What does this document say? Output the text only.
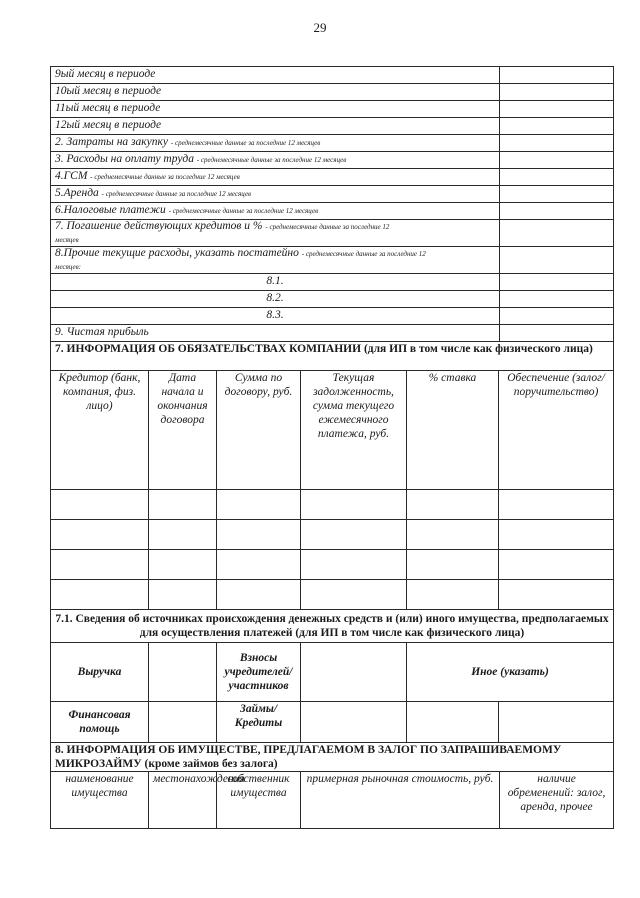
29
9ый месяц в периоде					
10ый месяц в периоде					
11ый месяц в периоде					
12ый месяц в периоде					
2. Затраты на закупку - среднемесячные данные за последние 12 месяцев					
3. Расходы на оплату труда - среднемесячные данные за последние 12 месяцев					
4.ГСМ - среднемесячные данные за последние 12 месяцев					
5.Аренда - среднемесячные данные за последние 12 месяцев					
6.Налоговые платежи - среднемесячные данные за последние 12 месяцев					
7. Погашение действующих кредитов и % - среднемесячные данные за последние 12
месяцев					
8.Прочие текущие расходы, указать постатейно - среднемесячные данные за последние 12
месяцев:					
8.1.					
8.2.					
8.3.					
9. Чистая прибыль					
7. ИНФОРМАЦИЯ ОБ ОБЯЗАТЕЛЬСТВАХ КОМПАНИИ (для ИП в том числе как физического лица)					
Кредитор (банк, компания, физ. лицо)	Дата начала и окончания договора	Сумма по договору, руб.	Текущая задолженность, сумма текущего ежемесячного платежа, руб.	% ставка	Обеспечение (залог/поручительство)

7.1. Сведения об источниках происхождения денежных средств и (или) иного имущества, предполагаемых для осуществления платежей (для ИП в том числе как физического лица)					
Выручка		Взносы учредителей/участников		Иное (указать)	
Финансовая помощь		Займы/Кредиты			
8. ИНФОРМАЦИЯ ОБ ИМУЩЕСТВЕ, ПРЕДЛАГАЕМОМ В ЗАЛОГ ПО ЗАПРАШИВАЕМОМУ МИКРОЗАЙМУ (кроме займов без залога)					
наименование имущества	местонахождения	собственник имущества	примерная рыночная стоимость, руб.		наличие обременений: залог, аренда, прочее
